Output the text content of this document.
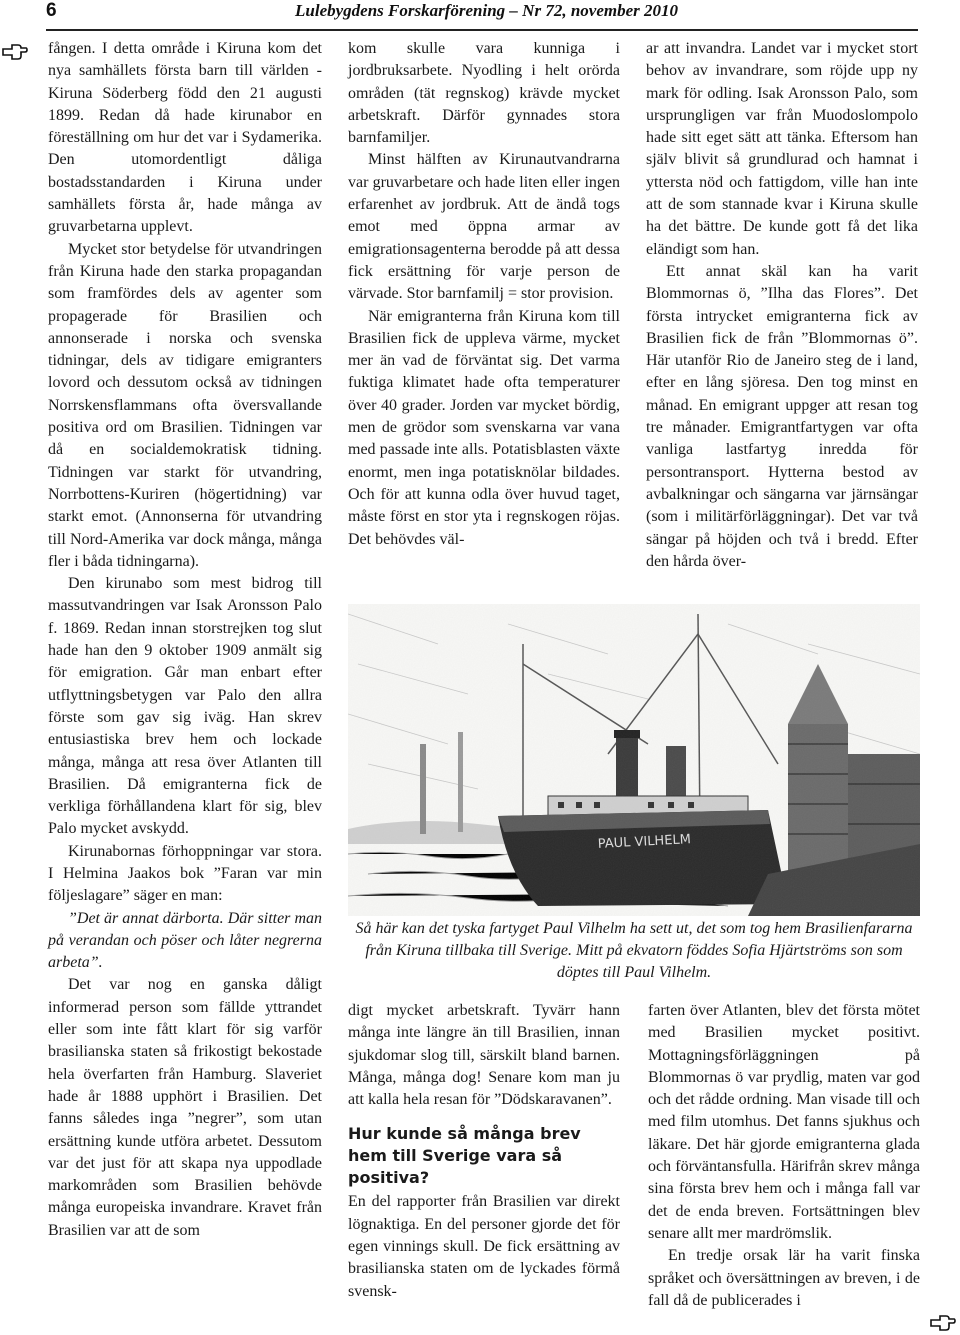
6	Lulebygdens Forskarförening – Nr 72, november 2010

fången. I detta område i Kiruna kom det nya samhällets första barn till världen - Kiruna Söderberg född den 21 augusti 1899. Redan då hade kirunabor en föreställning om hur det var i Sydamerika. Den utomordentligt dåliga bostadsstandarden i Kiruna under samhällets första år, hade många av gruvarbetarna upplevt.

Mycket stor betydelse för utvandringen från Kiruna hade den starka propagandan som framfördes dels av agenter som propagerade för Brasilien och annonserade i norska och svenska tidningar, dels av tidigare emigranters lovord och dessutom också av tidningen Norrskensflammans ofta översvallande positiva ord om Brasilien. Tidningen var då en socialdemokratisk tidning. Tidningen var starkt för utvandring, Norrbottens-Kuriren (högertidning) var starkt emot. (Annonserna för utvandring till Nord-Amerika var dock många, många fler i båda tidningarna).

Den kirunabo som mest bidrog till massutvandringen var Isak Aronsson Palo f. 1869. Redan innan storstrejken tog slut hade han den 9 oktober 1909 anmält sig för emigration. Går man enbart efter utflyttningsbetygen var Palo den allra förste som gav sig iväg. Han skrev entusiastiska brev hem och lockade många, många att resa över Atlanten till Brasilien. Då emigranterna fick de verkliga förhållandena klart för sig, blev Palo mycket avskydd.

Kirunabornas förhoppningar var stora. I Helmina Jaakos bok ”Faran var min följeslagare” säger en man:

”Det är annat därborta. Där sitter man på verandan och pöser och låter negrerna arbeta”.

Det var nog en ganska dåligt informerad person som fällde yttrandet eller som inte fått klart för sig varför brasilianska staten så frikostigt bekostade hela överfarten från Hamburg. Slaveriet hade år 1888 upphört i Brasilien. Det fanns således inga ”negrer”, som utan ersättning kunde utföra arbetet. Dessutom var det just för att skapa nya uppodlade markområden som Brasilien behövde många europeiska invandrare. Kravet från Brasilien var att de som

kom skulle vara kunniga i jordbruksarbete. Nyodling i helt orörda områden (tät regnskog) krävde mycket arbetskraft. Därför gynnades stora barnfamiljer.

Minst hälften av Kirunautvandrarna var gruvarbetare och hade liten eller ingen erfarenhet av jordbruk. Att de ändå togs emot med öppna armar av emigrationsagenterna berodde på att dessa fick ersättning för varje person de värvade. Stor barnfamilj = stor provision.

När emigranterna från Kiruna kom till Brasilien fick de uppleva värme, mycket mer än vad de förväntat sig. Det varma fuktiga klimatet hade ofta temperaturer över 40 grader. Jorden var mycket bördig, men de grödor som svenskarna var vana med passade inte alls. Potatisblasten växte enormt, men inga potatisknölar bildades. Och för att kunna odla över huvud taget, måste först en stor yta i regnskogen röjas. Det behövdes väl-

ar att invandra. Landet var i mycket stort behov av invandrare, som röjde upp ny mark för odling. Isak Aronsson Palo, som ursprungligen var från Muodoslompolo hade sitt eget sätt att tänka. Eftersom han själv blivit så grundlurad och hamnat i yttersta nöd och fattigdom, ville han inte att de som stannade kvar i Kiruna skulle ha det bättre. De kunde gott få det lika eländigt som han.

Ett annat skäl kan ha varit Blommornas ö, ”Ilha das Flores”. Det första intrycket emigranterna fick av Brasilien fick de från ”Blommornas ö”. Här utanför Rio de Janeiro steg de i land, efter en lång sjöresa. Den tog minst en månad. En emigrant uppger att resan tog tre månader. Emigrantfartygen var ofta vanliga lastfartyg inredda för persontransport. Hytterna bestod av avbalkningar och sängarna var järnsängar (som i militärförläggningar). Det var två sängar på höjden och två i bredd. Efter den hårda över-

PAUL VILHELM
Så här kan det tyska fartyget Paul Vilhelm ha sett ut, det som tog hem Brasilienfararna från Kiruna tillbaka till Sverige. Mitt på ekvatorn föddes Sofia Hjärtströms son som döptes till Paul Vilhelm.

digt mycket arbetskraft. Tyvärr hann många inte längre än till Brasilien, innan sjukdomar slog till, särskilt bland barnen. Många, många dog! Senare kom man ju att kalla hela resan för ”Dödskaravanen”.

Hur kunde så många brev hem till Sverige vara så positiva?

En del rapporter från Brasilien var direkt lögnaktiga. En del personer gjorde det för egen vinnings skull. De fick ersättning av brasilianska staten om de lyckades förmå svensk-

farten över Atlanten, blev det första mötet med Brasilien mycket positivt. Mottagningsförläggningen på Blommornas ö var prydlig, maten var god och det rådde ordning. Man visade till och med film utomhus. Det fanns sjukhus och läkare. Det här gjorde emigranterna glada och förväntansfulla. Härifrån skrev många sina första brev hem och i många fall var det de enda breven. Fortsättningen blev senare allt mer mardrömslik.

En tredje orsak lär ha varit finska språket och översättningen av breven, i de fall då de publicerades i
